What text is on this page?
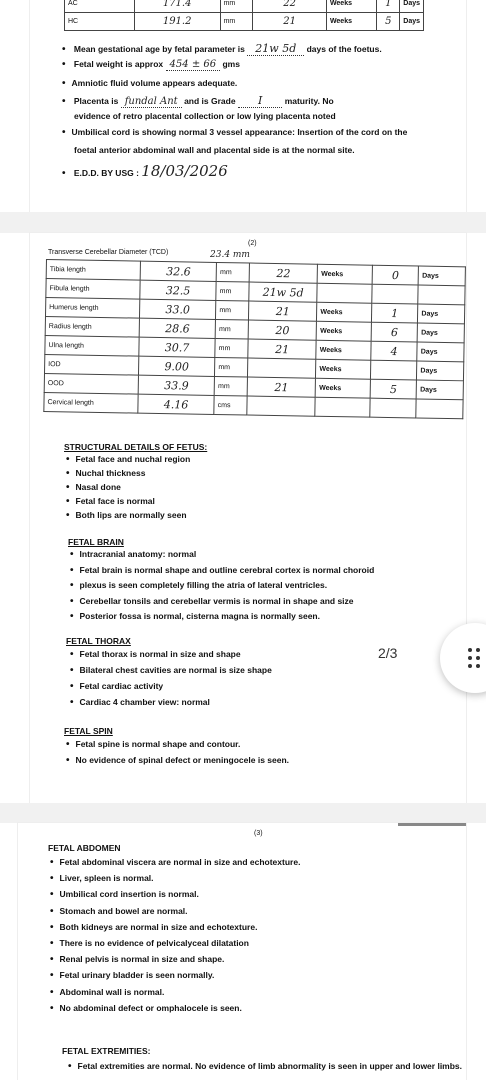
AC	171.4	mm	22	Weeks	1	Days
HC	191.2	mm	21	Weeks	5	Days
• Mean gestational age by fetal parameter is 21w 5d days of the foetus.
• Fetal weight is approx 454 ± 66 gms
• Amniotic fluid volume appears adequate.
• Placenta is fundal Ant and is Grade I	maturity. No
evidence of retro placental collection or low lying placenta noted
• Umbilical cord is showing normal 3 vessel appearance: Insertion of the cord on the
foetal anterior abdominal wall and placental side is at the normal site.
• E.D.D. BY USG : 18/03/2026
(2)
Transverse Cerebellar Diameter (TCD)	23.4 mm
Tibia length	32.6	mm	22	Weeks	0	Days
Fibula length	32.5	mm	21w 5d			
Humerus length	33.0	mm	21	Weeks	1	Days
Radius length	28.6	mm	20	Weeks	6	Days
Ulna length	30.7	mm	21	Weeks	4	Days
IOD	9.00	mm		Weeks		Days
OOD	33.9	mm	21	Weeks	5	Days
Cervical length	4.16	cms				
STRUCTURAL DETAILS OF FETUS:
• Fetal face and nuchal region
• Nuchal thickness
• Nasal done
• Fetal face is normal
• Both lips are normally seen
FETAL BRAIN
• Intracranial anatomy: normal
• Fetal brain is normal shape and outline cerebral cortex is normal choroid
• plexus is seen completely filling the atria of lateral ventricles.
• Cerebellar tonsils and cerebellar vermis is normal in shape and size
• Posterior fossa is normal, cisterna magna is normally seen.
FETAL THORAX
• Fetal thorax is normal in size and shape
• Bilateral chest cavities are normal is size shape
• Fetal cardiac activity
• Cardiac 4 chamber view: normal
FETAL SPIN
• Fetal spine is normal shape and contour.
• No evidence of spinal defect or meningocele is seen.
(3)
FETAL ABDOMEN
• Fetal abdominal viscera are normal in size and echotexture.
• Liver, spleen is normal.
• Umbilical cord insertion is normal.
• Stomach and bowel are normal.
• Both kidneys are normal in size and echotexture.
• There is no evidence of pelvicalyceal dilatation
• Renal pelvis is normal in size and shape.
• Fetal urinary bladder is seen normally.
• Abdominal wall is normal.
• No abdominal defect or omphalocele is seen.
FETAL EXTREMITIES:
• Fetal extremities are normal. No evidence of limb abnormality is seen in upper and lower limbs.
2/3
